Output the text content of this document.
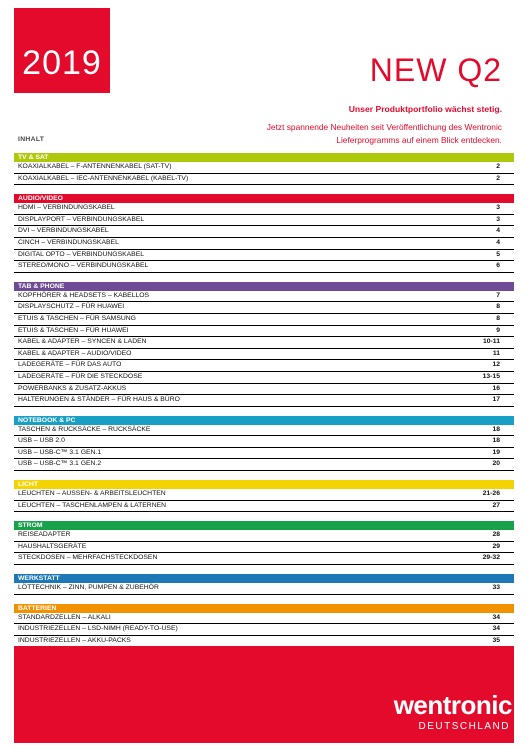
2019	NEW Q2
Unser Produktportfolio wächst stetig.
Jetzt spannende Neuheiten seit Veröffentlichung des Wentronic Lieferprogramms auf einem Blick entdecken.
INHALT
TV & SAT
KOAXIALKABEL – F-ANTENNENKABEL (SAT-TV)	2
KOAXIALKABEL – IEC-ANTENNENKABEL (KABEL-TV)	2
AUDIO/VIDEO
HDMI – VERBINDUNGSKABEL	3
DISPLAYPORT – VERBINDUNGSKABEL	3
DVI – VERBINDUNGSKABEL	4
CINCH – VERBINDUNGSKABEL	4
DIGITAL OPTO – VERBINDUNGSKABEL	5
STEREO/MONO – VERBINDUNGSKABEL	6
TAB & PHONE
KOPFHÖRER & HEADSETS – KABELLOS	7
DISPLAYSCHUTZ – FÜR HUAWEI	8
ETUIS & TASCHEN – FÜR SAMSUNG	8
ETUIS & TASCHEN – FÜR HUAWEI	9
KABEL & ADAPTER – SYNCEN & LADEN	10-11
KABEL & ADAPTER – AUDIO/VIDEO	11
LADEGERÄTE – FÜR DAS AUTO	12
LADEGERÄTE – FÜR DIE STECKDOSE	13-15
POWERBANKS & ZUSATZ-AKKUS	16
HALTERUNGEN & STÄNDER – FÜR HAUS & BÜRO	17
NOTEBOOK & PC
TASCHEN & RUCKSÄCKE – RUCKSÄCKE	18
USB – USB 2.0	18
USB – USB-C™ 3.1 GEN.1	19
USB – USB-C™ 3.1 GEN.2	20
LICHT
LEUCHTEN – AUSSEN- & ARBEITSLEUCHTEN	21-26
LEUCHTEN – TASCHENLAMPEN & LATERNEN	27
STROM
REISEADAPTER	28
HAUSHALTSGERÄTE	29
STECKDOSEN – MEHRFACHSTECKDOSEN	29-32
WERKSTATT
LÖTTECHNIK – ZINN, PUMPEN & ZUBEHÖR	33
BATTERIEN
STANDARDZELLEN – ALKALI	34
INDUSTRIEZELLEN – LSD-NIMH (READY-TO-USE)	34
INDUSTRIEZELLEN – AKKU-PACKS	35
wentronic
DEUTSCHLAND
